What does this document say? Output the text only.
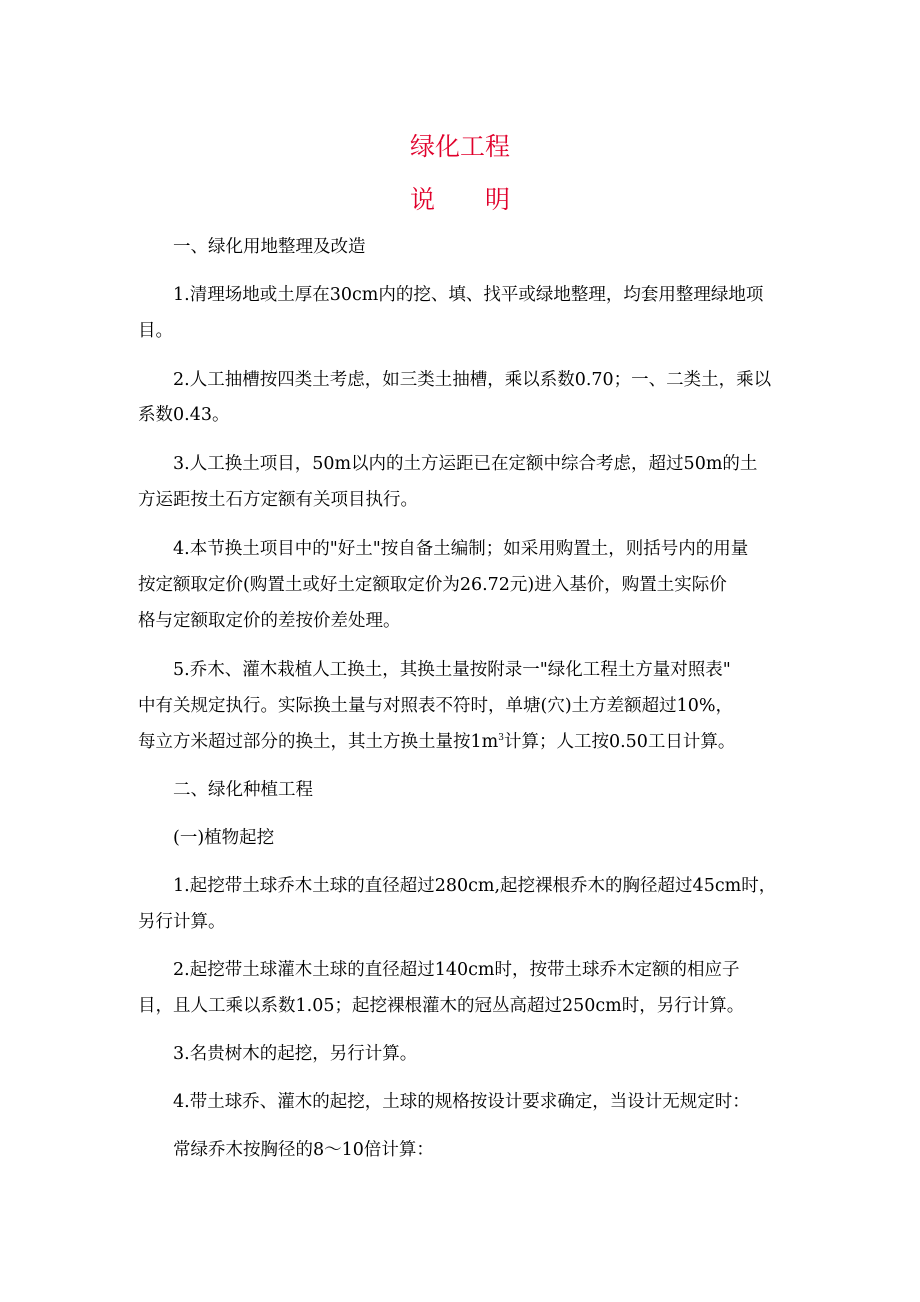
绿化工程
说明
一、绿化用地整理及改造
1.清理场地或土厚在30cm内的挖、填、找平或绿地整理，均套用整理绿地项
目。
2.人工抽槽按四类土考虑，如三类土抽槽，乘以系数0.70；一、二类土，乘以
系数0.43。
3.人工换土项目，50m以内的土方运距已在定额中综合考虑，超过50m的土
方运距按土石方定额有关项目执行。
4.本节换土项目中的"好土"按自备土编制；如采用购置土，则括号内的用量
按定额取定价(购置土或好土定额取定价为26.72元)进入基价，购置土实际价
格与定额取定价的差按价差处理。
5.乔木、灌木栽植人工换土，其换土量按附录一"绿化工程土方量对照表"
中有关规定执行。实际换土量与对照表不符时，单塘(穴)土方差额超过10%，
每立方米超过部分的换土，其土方换土量按$1m^3$计算；人工按0.50工日计算。
二、绿化种植工程
(一)植物起挖
1.起挖带土球乔木土球的直径超过280cm,起挖裸根乔木的胸径超过45cm时，
另行计算。
2.起挖带土球灌木土球的直径超过140cm时，按带土球乔木定额的相应子
目，且人工乘以系数1.05；起挖裸根灌木的冠丛高超过250cm时，另行计算。
3.名贵树木的起挖，另行计算。
4.带土球乔、灌木的起挖，土球的规格按设计要求确定，当设计无规定时：
常绿乔木按胸径的8～10倍计算：
